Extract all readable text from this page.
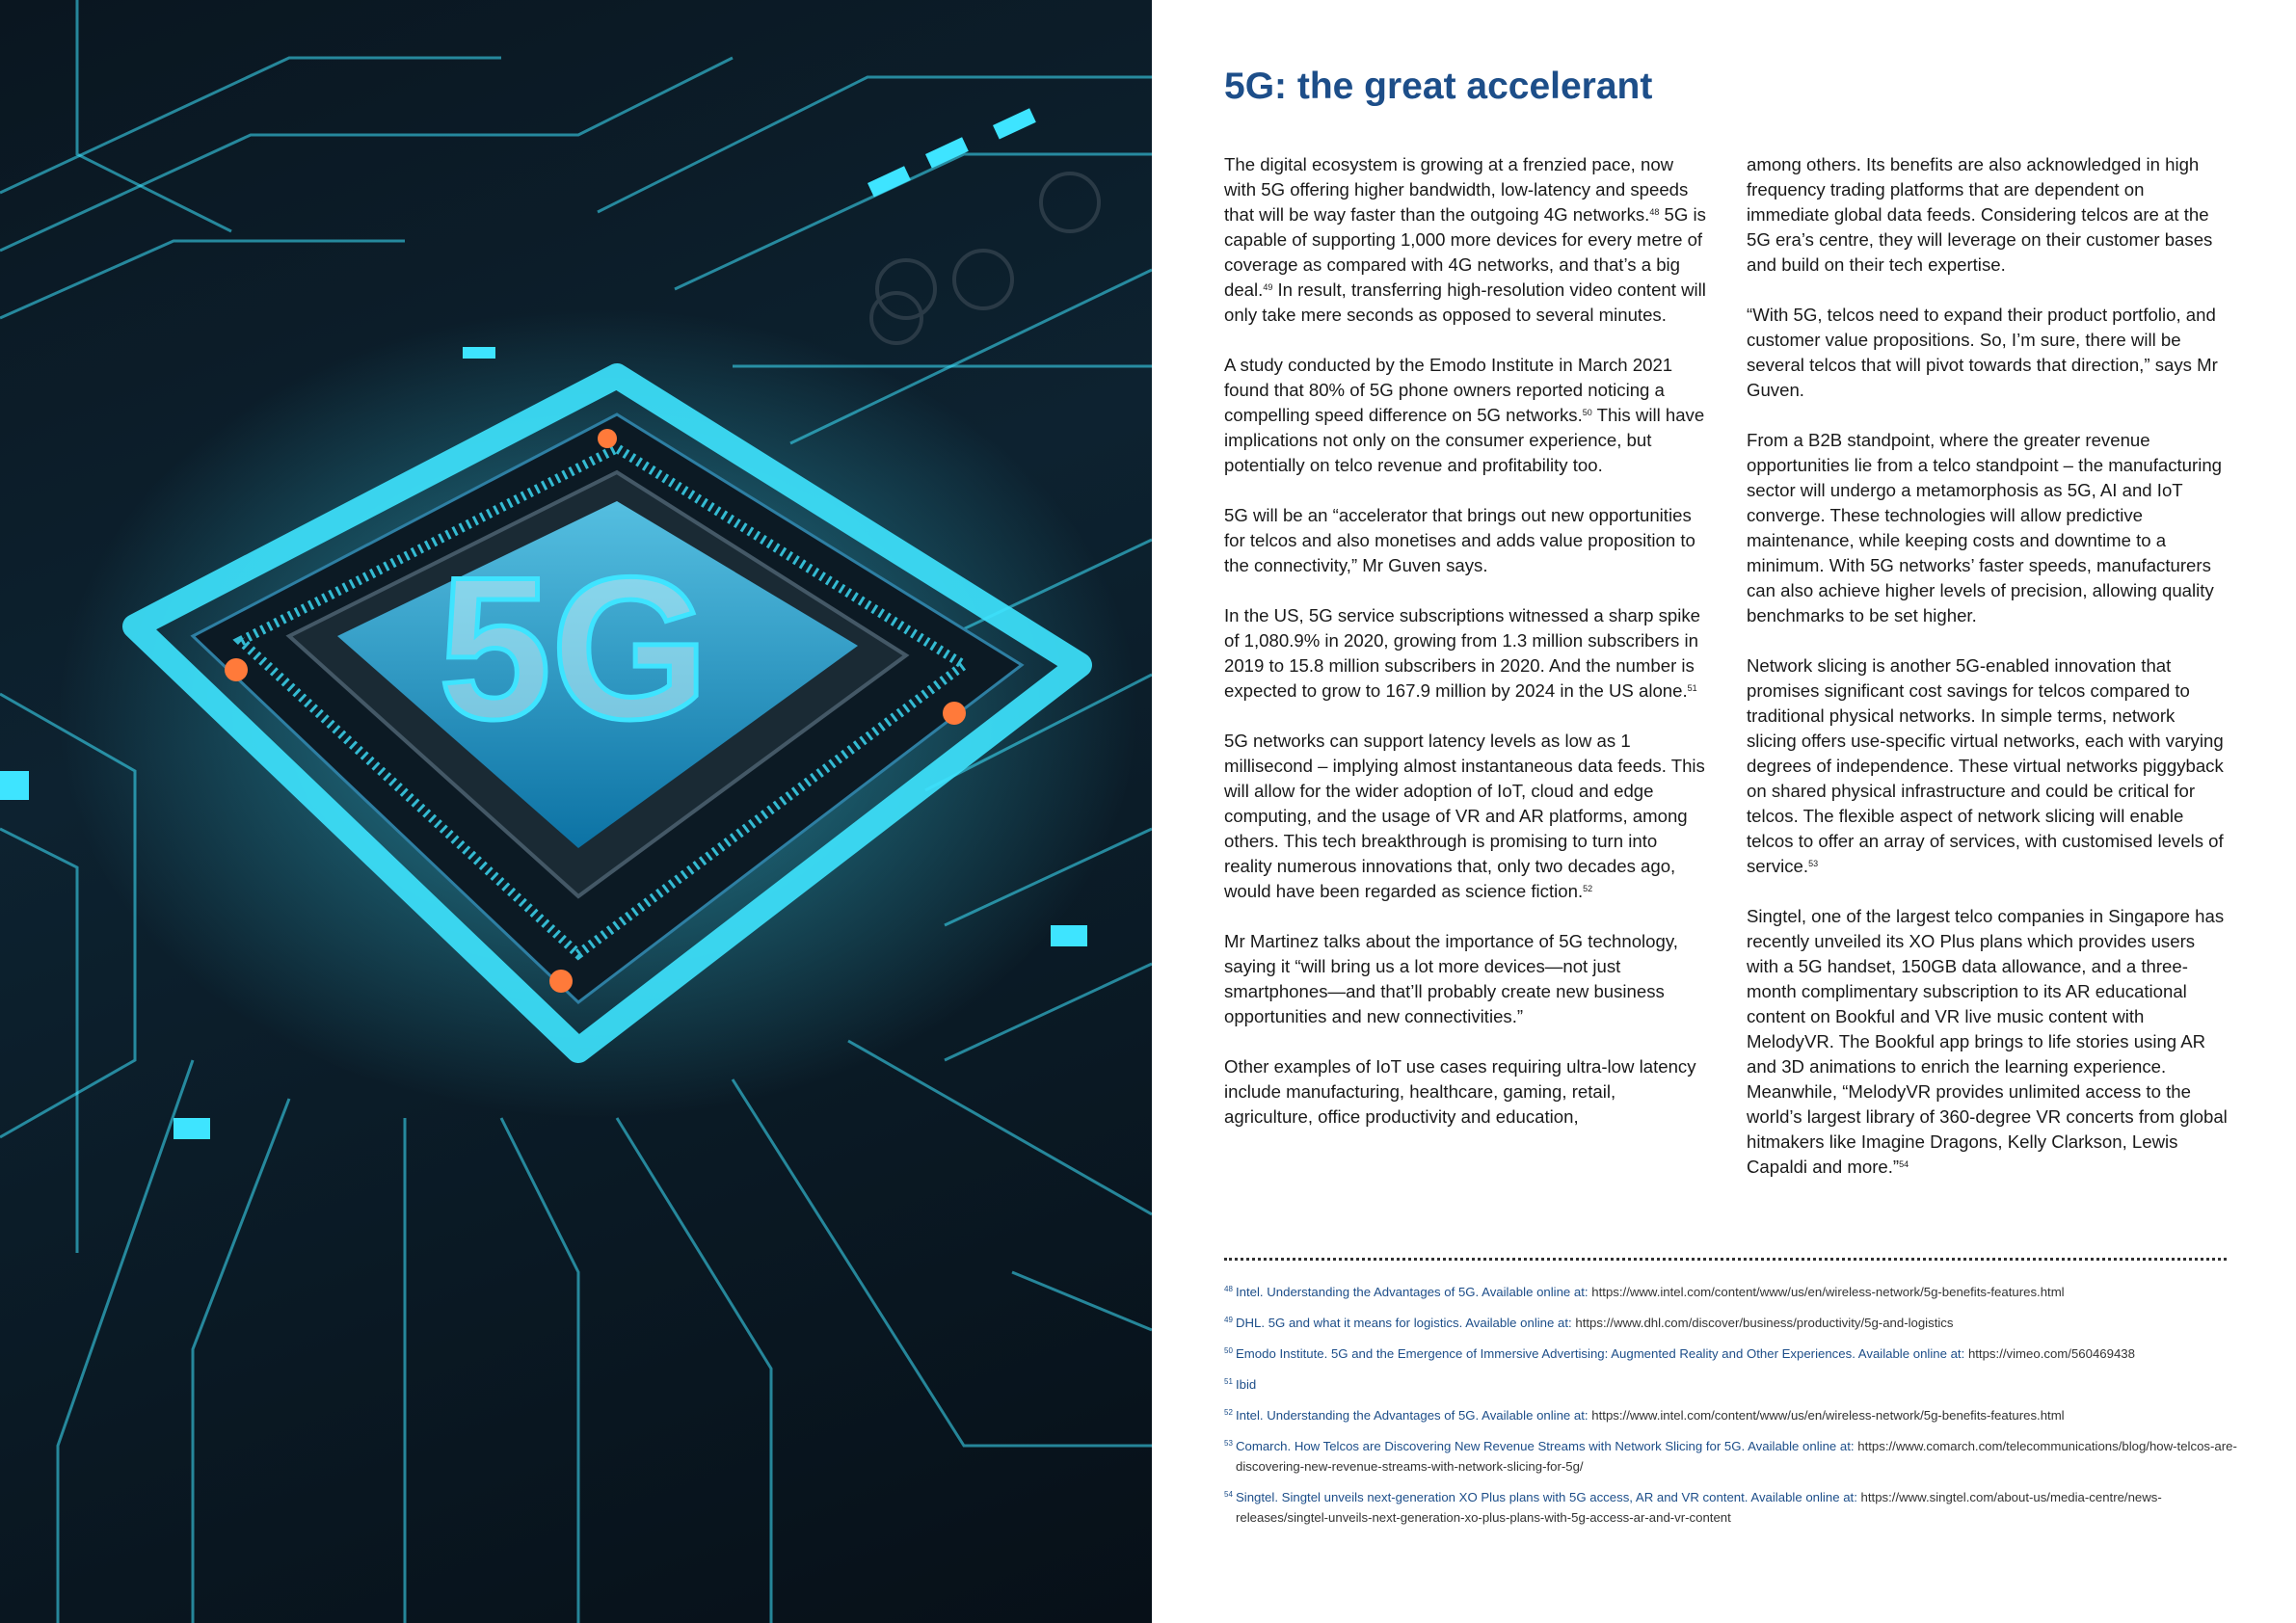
5G
5G: the great accelerant

The digital ecosystem is growing at a frenzied pace, now with 5G offering higher bandwidth, low-latency and speeds that will be way faster than the outgoing 4G networks.$^{48}$ 5G is capable of supporting 1,000 more devices for every metre of coverage as compared with 4G networks, and that’s a big deal.$^{49}$ In result, transferring high-resolution video content will only take mere seconds as opposed to several minutes.

A study conducted by the Emodo Institute in March 2021 found that 80% of 5G phone owners reported noticing a compelling speed difference on 5G networks.$^{50}$ This will have implications not only on the consumer experience, but potentially on telco revenue and profitability too.

5G will be an “accelerator that brings out new opportunities for telcos and also monetises and adds value proposition to the connectivity,” Mr Guven says.

In the US, 5G service subscriptions witnessed a sharp spike of 1,080.9% in 2020, growing from 1.3 million subscribers in 2019 to 15.8 million subscribers in 2020. And the number is expected to grow to 167.9 million by 2024 in the US alone.$^{51}$

5G networks can support latency levels as low as 1 millisecond – implying almost instantaneous data feeds. This will allow for the wider adoption of IoT, cloud and edge computing, and the usage of VR and AR platforms, among others. This tech breakthrough is promising to turn into reality numerous innovations that, only two decades ago, would have been regarded as science fiction.$^{52}$

Mr Martinez talks about the importance of 5G technology, saying it “will bring us a lot more devices—not just smartphones—and that’ll probably create new business opportunities and new connectivities.”

Other examples of IoT use cases requiring ultra-low latency include manufacturing, healthcare, gaming, retail, agriculture, office productivity and education,

among others. Its benefits are also acknowledged in high frequency trading platforms that are dependent on immediate global data feeds. Considering telcos are at the 5G era’s centre, they will leverage on their customer bases and build on their tech expertise.

“With 5G, telcos need to expand their product portfolio, and customer value propositions. So, I’m sure, there will be several telcos that will pivot towards that direction,” says Mr Guven.

From a B2B standpoint, where the greater revenue opportunities lie from a telco standpoint – the manufacturing sector will undergo a metamorphosis as 5G, AI and IoT converge. These technologies will allow predictive maintenance, while keeping costs and downtime to a minimum. With 5G networks’ faster speeds, manufacturers can also achieve higher levels of precision, allowing quality benchmarks to be set higher.

Network slicing is another 5G-enabled innovation that promises significant cost savings for telcos compared to traditional physical networks. In simple terms, network slicing offers use-specific virtual networks, each with varying degrees of independence. These virtual networks piggyback on shared physical infrastructure and could be critical for telcos. The flexible aspect of network slicing will enable telcos to offer an array of services, with customised levels of service.$^{53}$

Singtel, one of the largest telco companies in Singapore has recently unveiled its XO Plus plans which provides users with a 5G handset, 150GB data allowance, and a three-month complimentary subscription to its AR educational content on Bookful and VR live music content with MelodyVR. The Bookful app brings to life stories using AR and 3D animations to enrich the learning experience. Meanwhile, “MelodyVR provides unlimited access to the world’s largest library of 360-degree VR concerts from global hitmakers like Imagine Dragons, Kelly Clarkson, Lewis Capaldi and more.”$^{54}$

48 Intel. Understanding the Advantages of 5G. Available online at: https://www.intel.com/content/www/us/en/wireless-network/5g-benefits-features.html
49 DHL. 5G and what it means for logistics. Available online at: https://www.dhl.com/discover/business/productivity/5g-and-logistics
50 Emodo Institute. 5G and the Emergence of Immersive Advertising: Augmented Reality and Other Experiences. Available online at: https://vimeo.com/560469438
51 Ibid
52 Intel. Understanding the Advantages of 5G. Available online at: https://www.intel.com/content/www/us/en/wireless-network/5g-benefits-features.html
53 Comarch. How Telcos are Discovering New Revenue Streams with Network Slicing for 5G. Available online at: https://www.comarch.com/telecommunications/blog/how-telcos-are-discovering-new-revenue-streams-with-network-slicing-for-5g/
54 Singtel. Singtel unveils next-generation XO Plus plans with 5G access, AR and VR content. Available online at: https://www.singtel.com/about-us/media-centre/news-releases/singtel-unveils-next-generation-xo-plus-plans-with-5g-access-ar-and-vr-content
